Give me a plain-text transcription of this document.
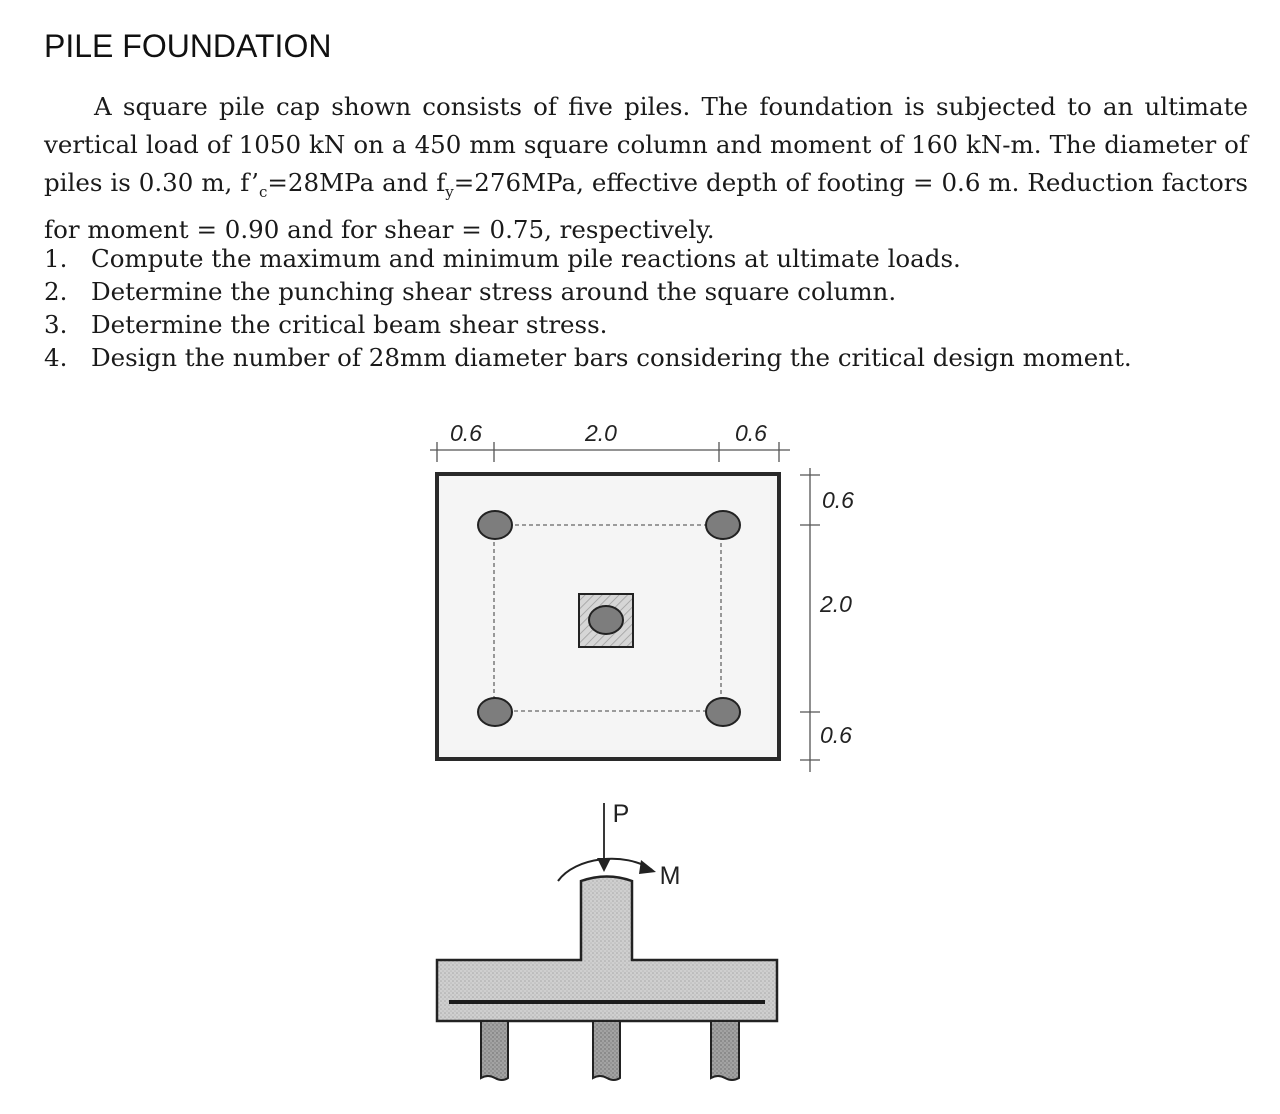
PILE FOUNDATION

A square pile cap shown consists of five piles. The foundation is subjected to an ultimate vertical load of 1050 kN on a 450 mm square column and moment of 160 kN-m. The diameter of piles is 0.30 m, $f’_c=28MPa$ and $f_y=276MPa$, effective depth of footing = 0.6 m. Reduction factors for moment = 0.90 and for shear = 0.75, respectively.

1. Compute the maximum and minimum pile reactions at ultimate loads.
2. Determine the punching shear stress around the square column.
3. Determine the critical beam shear stress.
4. Design the number of 28mm diameter bars considering the critical design moment.
0.6	2.0	0.6
0.6
2.0
0.6
P
M
